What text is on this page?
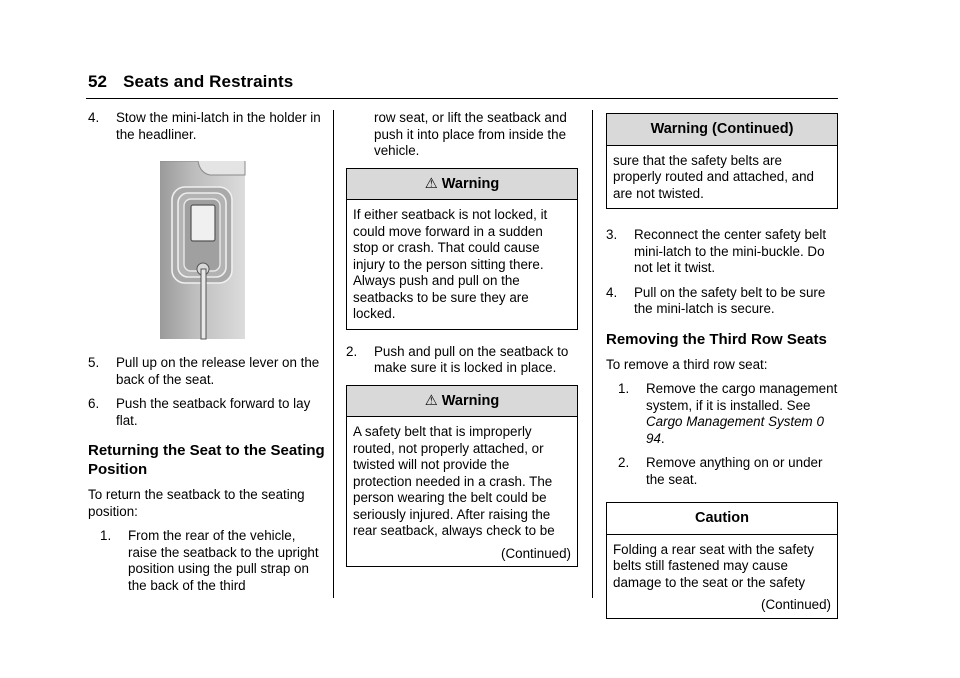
52 Seats and Restraints
4.	Stow the mini-latch in the holder in the headliner.
5.	Pull up on the release lever on the back of the seat.
6.	Push the seatback forward to lay flat.
Returning the Seat to the Seating Position
To return the seatback to the seating position:
1.	From the rear of the vehicle, raise the seatback to the upright position using the pull strap on the back of the third
row seat, or lift the seatback and push it into place from inside the vehicle.
⚠ Warning
If either seatback is not locked, it could move forward in a sudden stop or crash. That could cause injury to the person sitting there. Always push and pull on the seatbacks to be sure they are locked.
2.	Push and pull on the seatback to make sure it is locked in place.
⚠ Warning
A safety belt that is improperly routed, not properly attached, or twisted will not provide the protection needed in a crash. The person wearing the belt could be seriously injured. After raising the rear seatback, always check to be
(Continued)
Warning (Continued)
sure that the safety belts are properly routed and attached, and are not twisted.
3.	Reconnect the center safety belt mini-latch to the mini-buckle. Do not let it twist.
4.	Pull on the safety belt to be sure the mini-latch is secure.
Removing the Third Row Seats
To remove a third row seat:
1.	Remove the cargo management system, if it is installed. See Cargo Management System 0 94.
2.	Remove anything on or under the seat.
Caution
Folding a rear seat with the safety belts still fastened may cause damage to the seat or the safety
(Continued)
